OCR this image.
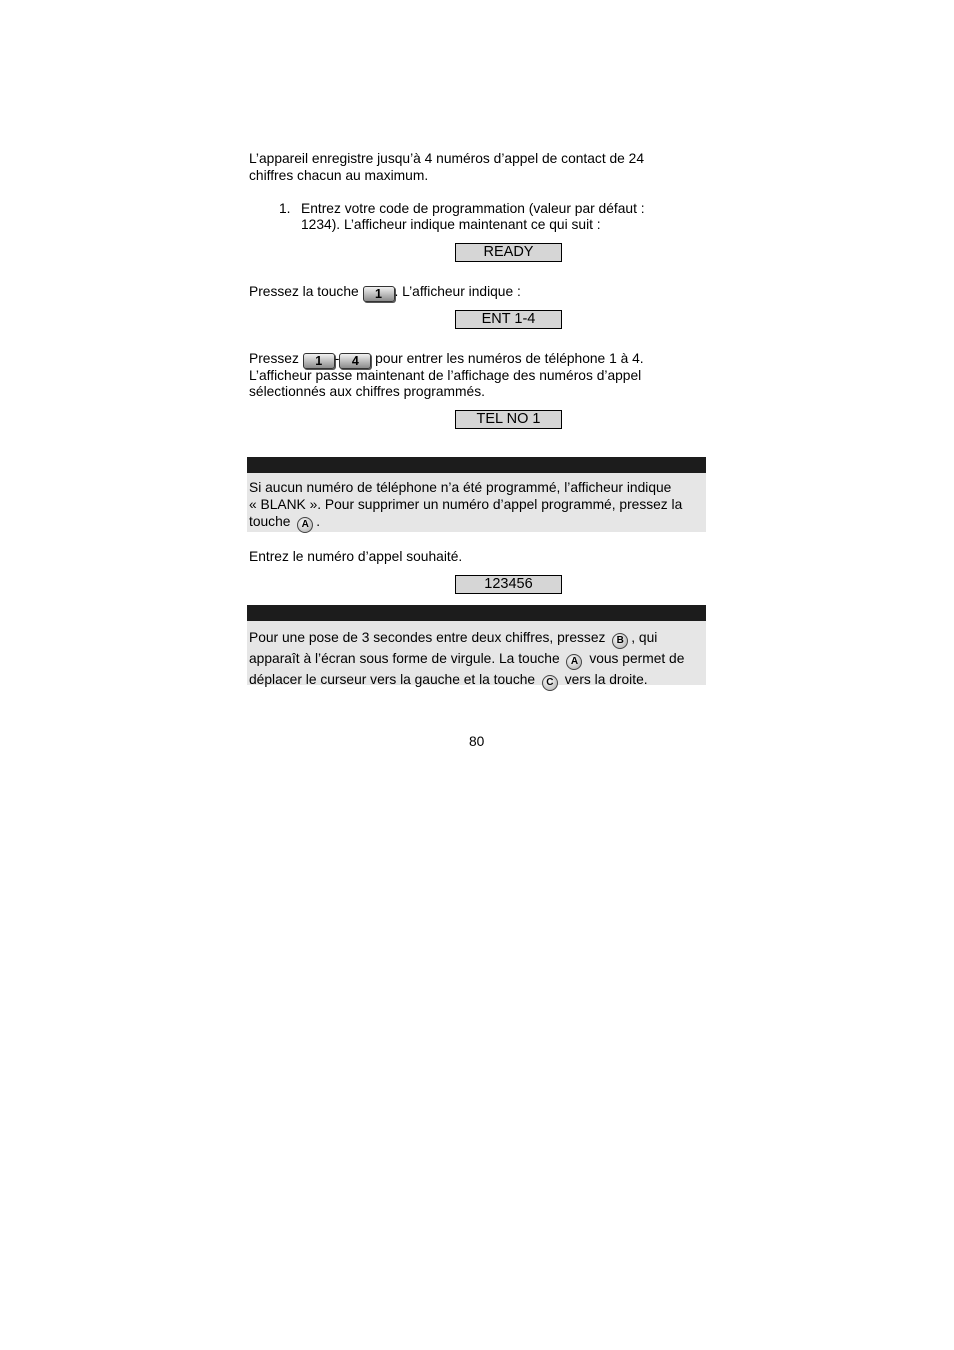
L’appareil enregistre jusqu’à 4 numéros d’appel de contact de 24

chiffres chacun au maximum.

1. Entrez votre code de programmation (valeur par défaut :

1234). L’afficheur indique maintenant ce qui suit :

READY

Pressez la touche 1 . L’afficheur indique :

ENT 1-4

Pressez 1 - 4 pour entrer les numéros de téléphone 1 à 4.

L’afficheur passe maintenant de l’affichage des numéros d’appel

sélectionnés aux chiffres programmés.

TEL NO 1

Si aucun numéro de téléphone n’a été programmé, l’afficheur indique

« BLANK ». Pour supprimer un numéro d’appel programmé, pressez la

touche A .

Entrez le numéro d’appel souhaité.

123456

Pour une pose de 3 secondes entre deux chiffres, pressez B , qui

apparaît à l’écran sous forme de virgule. La touche A vous permet de

déplacer le curseur vers la gauche et la touche C vers la droite.

80
